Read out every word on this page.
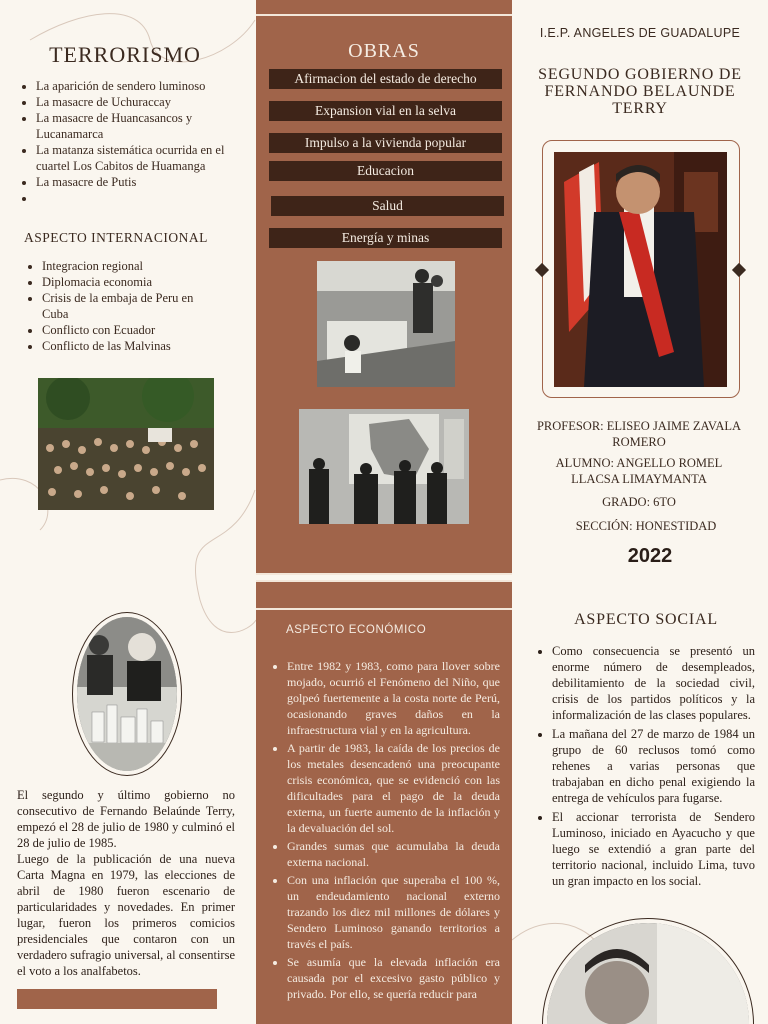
TERRORISMO
• La aparición de sendero luminoso
• La masacre de Uchuraccay
• La masacre de Huancasancos y Lucanamarca
• La matanza sistemática ocurrida en el cuartel Los Cabitos de Huamanga
• La masacre de Putis
•
ASPECTO INTERNACIONAL
• Integracion regional
• Diplomacia economia
• Crisis de la embaja de Peru en Cuba
• Conflicto con Ecuador
• Conflicto de las Malvinas
OBRAS
Afirmacion del estado de derecho
Expansion vial en la selva
Impulso a la vivienda popular
Educacion
Salud
Energía y minas
I.E.P. ANGELES DE GUADALUPE
SEGUNDO GOBIERNO DE FERNANDO BELAUNDE TERRY
PROFESOR: ELISEO JAIME ZAVALA ROMERO
ALUMNO: ANGELLO ROMEL LLACSA LIMAYMANTA
GRADO: 6TO
SECCIÓN: HONESTIDAD
2022

El segundo y último gobierno no consecutivo de Fernando Belaúnde Terry, empezó el 28 de julio de 1980 y culminó el 28 de julio de 1985.
Luego de la publicación de una nueva Carta Magna en 1979, las elecciones de abril de 1980 fueron escenario de particularidades y novedades. En primer lugar, fueron los primeros comicios presidenciales que contaron con un verdadero sufragio universal, al consentirse el voto a los analfabetos.

ASPECTO ECONÓMICO
• Entre 1982 y 1983, como para llover sobre mojado, ocurrió el Fenómeno del Niño, que golpeó fuertemente a la costa norte de Perú, ocasionando graves daños en la infraestructura vial y en la agricultura.
• A partir de 1983, la caída de los precios de los metales desencadenó una preocupante crisis económica, que se evidenció con las dificultades para el pago de la deuda externa, un fuerte aumento de la inflación y la devaluación del sol.
• Grandes sumas que acumulaba la deuda externa nacional.
• Con una inflación que superaba el 100 %, un endeudamiento nacional externo trazando los diez mil millones de dólares y Sendero Luminoso ganando territorios a través el país.
• Se asumía que la elevada inflación era causada por el excesivo gasto público y privado. Por ello, se quería reducir para
ASPECTO SOCIAL
• Como consecuencia se presentó un enorme número de desempleados, debilitamiento de la sociedad civil, crisis de los partidos políticos y la informalización de las clases populares.
• La mañana del 27 de marzo de 1984 un grupo de 60 reclusos tomó como rehenes a varias personas que trabajaban en dicho penal exigiendo la entrega de vehículos para fugarse.
• El accionar terrorista de Sendero Luminoso, iniciado en Ayacucho y que luego se extendió a gran parte del territorio nacional, incluido Lima, tuvo un gran impacto en los social.
